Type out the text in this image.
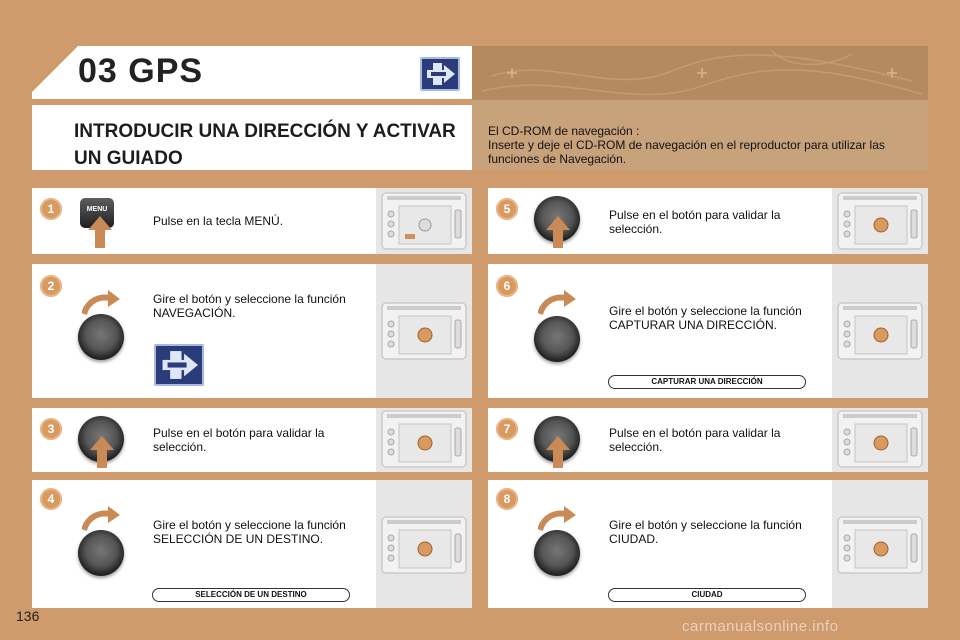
03 GPS
INTRODUCIR UNA DIRECCIÓN Y ACTIVAR UN GUIADO
El CD-ROM de navegación :
Inserte y deje el CD-ROM de navegación en el reproductor para utilizar las funciones de Navegación.
1	MENU
Pulse en la tecla MENÚ.
2
Gire el botón y seleccione la función NAVEGACIÓN.
3	Pulse en el botón para validar la selección.
4
Gire el botón y seleccione la función SELECCIÓN DE UN DESTINO.
SELECCIÓN DE UN DESTINO
5	Pulse en el botón para validar la selección.
6
Gire el botón y seleccione la función CAPTURAR UNA DIRECCIÓN.
CAPTURAR UNA DIRECCIÓN
7	Pulse en el botón para validar la selección.
8
Gire el botón y seleccione la función CIUDAD.
CIUDAD
136
carmanualsonline.info
